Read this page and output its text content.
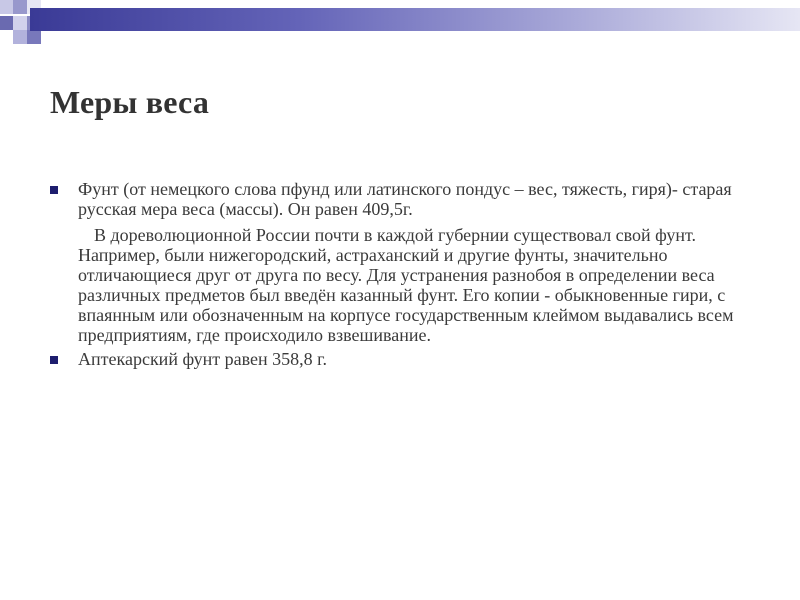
Меры веса
Фунт (от немецкого слова пфунд или латинского пондус – вес, тяжесть, гиря)- старая русская мера веса (массы). Он равен 409,5г.
В дореволюционной России почти в каждой губернии существовал свой фунт. Например, были нижегородский, астраханский и другие фунты, значительно отличающиеся друг от друга по весу. Для устранения разнобоя в определении веса различных предметов был введён казанный фунт. Его копии - обыкновенные гири, с впаянным или обозначенным на корпусе государственным клеймом выдавались всем предприятиям, где происходило взвешивание.
Аптекарский фунт равен 358,8 г.
